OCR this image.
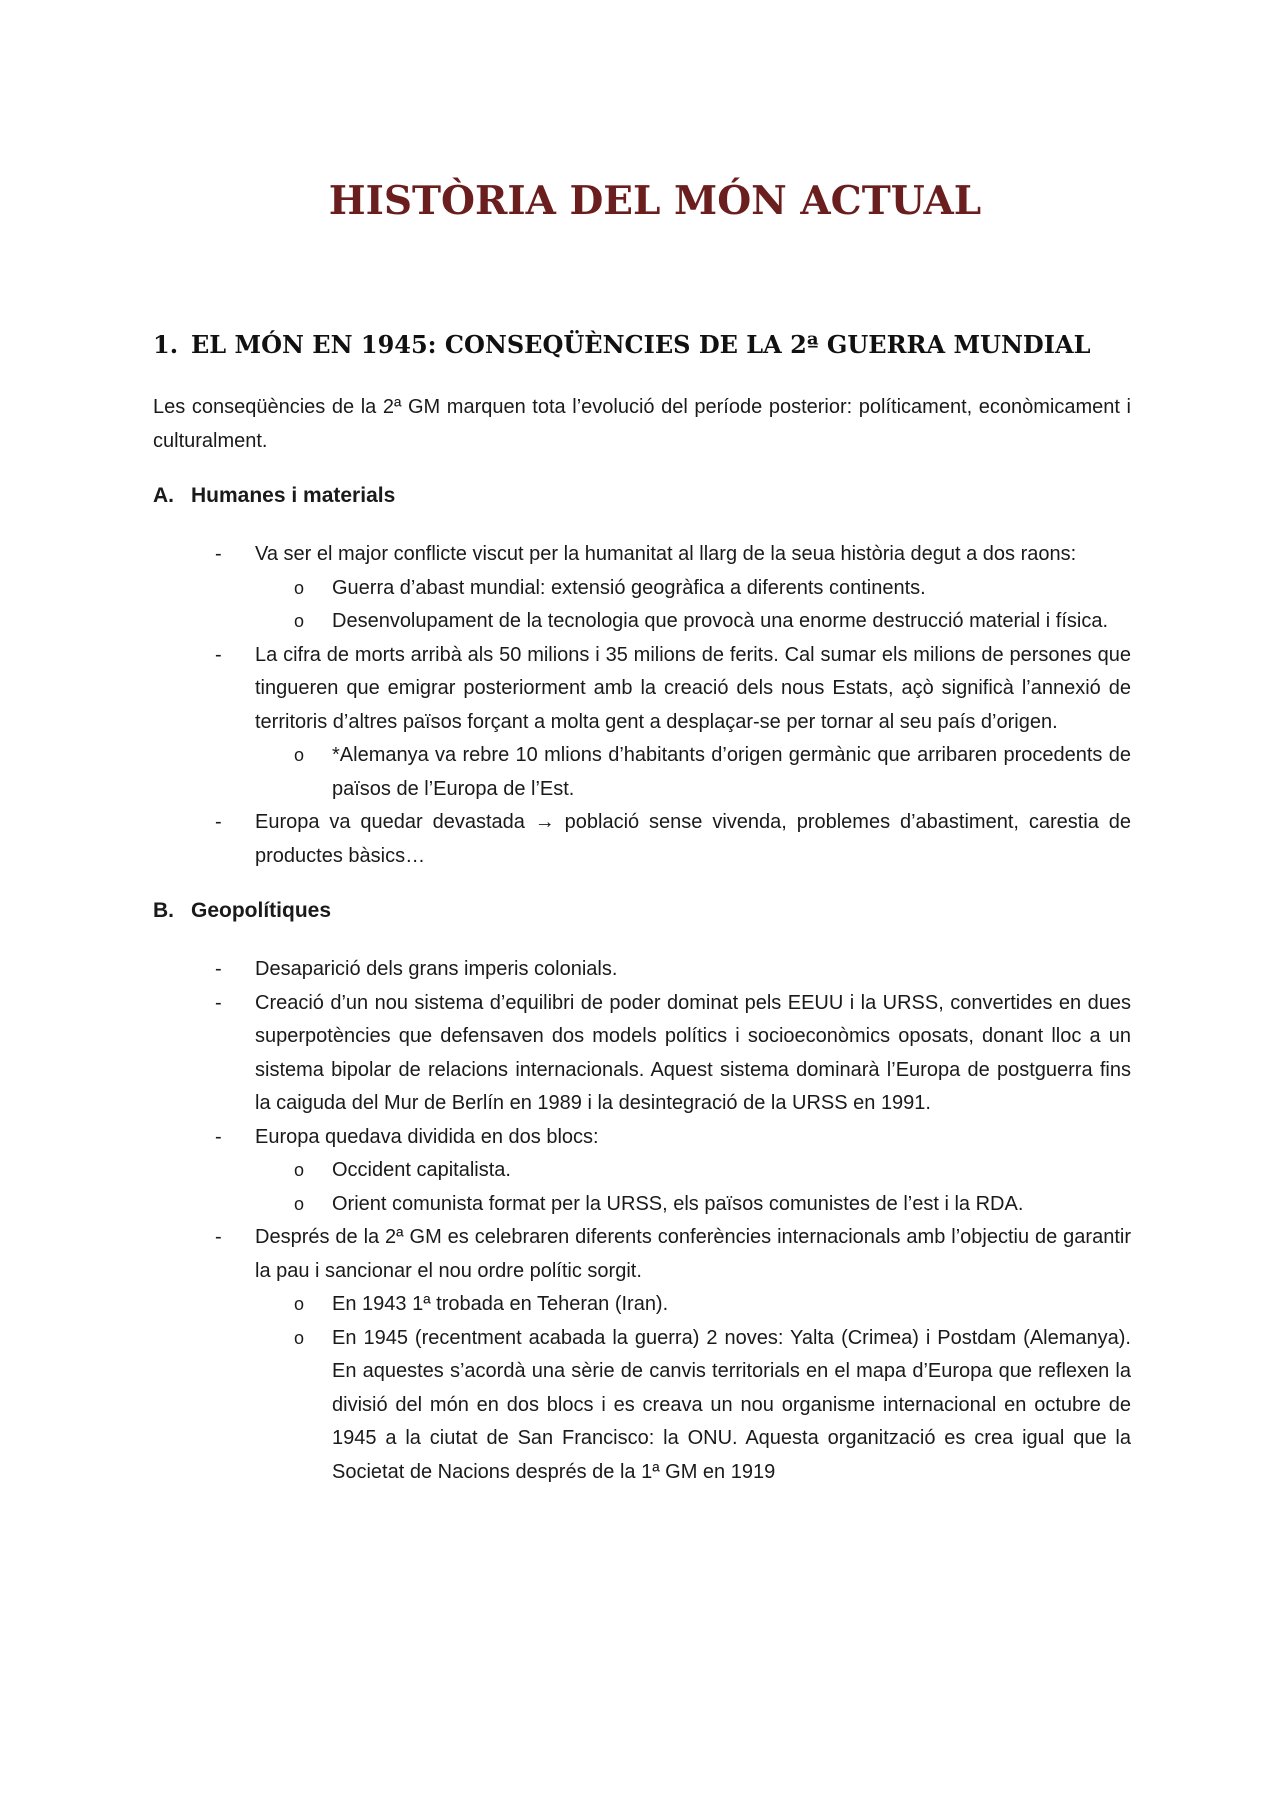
HISTÒRIA DEL MÓN ACTUAL
1. EL MÓN EN 1945: CONSEQÜÈNCIES DE LA 2ª GUERRA MUNDIAL

Les conseqüències de la 2ª GM marquen tota l’evolució del període posterior: políticament, econòmicament i culturalment.

A. Humanes i materials
- Va ser el major conflicte viscut per la humanitat al llarg de la seua història degut a dos raons:
o Guerra d’abast mundial: extensió geogràfica a diferents continents.
o Desenvolupament de la tecnologia que provocà una enorme destrucció material i física.
- La cifra de morts arribà als 50 milions i 35 milions de ferits. Cal sumar els milions de persones que tingueren que emigrar posteriorment amb la creació dels nous Estats, açò significà l’annexió de territoris d’altres països forçant a molta gent a desplaçar-se per tornar al seu país d’origen.
o *Alemanya va rebre 10 mlions d’habitants d’origen germànic que arribaren procedents de països de l’Europa de l’Est.
- Europa va quedar devastada → població sense vivenda, problemes d’abastiment, carestia de productes bàsics…
B. Geopolítiques
- Desaparició dels grans imperis colonials.
- Creació d’un nou sistema d’equilibri de poder dominat pels EEUU i la URSS, convertides en dues superpotències que defensaven dos models polítics i socioeconòmics oposats, donant lloc a un sistema bipolar de relacions internacionals. Aquest sistema dominarà l’Europa de postguerra fins la caiguda del Mur de Berlín en 1989 i la desintegració de la URSS en 1991.
- Europa quedava dividida en dos blocs:
o Occident capitalista.
o Orient comunista format per la URSS, els països comunistes de l’est i la RDA.
- Després de la 2ª GM es celebraren diferents conferències internacionals amb l’objectiu de garantir la pau i sancionar el nou ordre polític sorgit.
o En 1943 1ª trobada en Teheran (Iran).
o En 1945 (recentment acabada la guerra) 2 noves: Yalta (Crimea) i Postdam (Alemanya). En aquestes s’acordà una sèrie de canvis territorials en el mapa d’Europa que reflexen la divisió del món en dos blocs i es creava un nou organisme internacional en octubre de 1945 a la ciutat de San Francisco: la ONU. Aquesta organització es crea igual que la Societat de Nacions després de la 1ª GM en 1919
